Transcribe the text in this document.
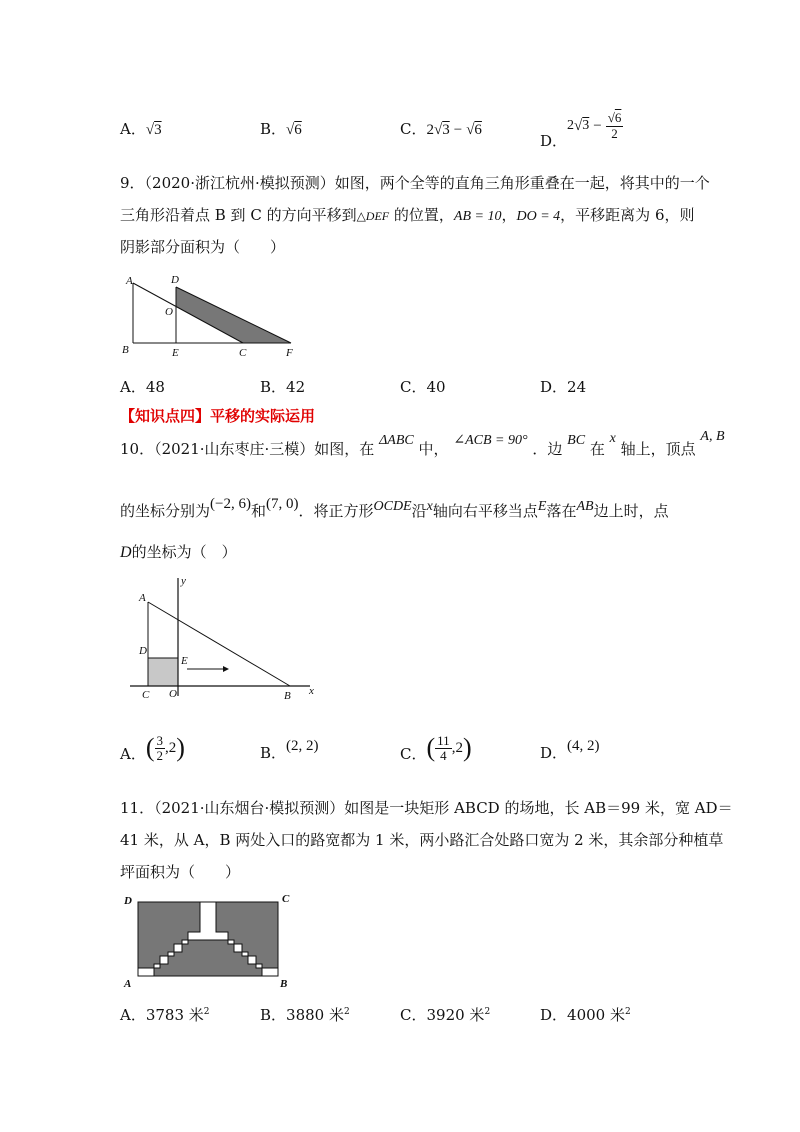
A．√3	B．√6	C．2√3 − √6
D．
2 √ $3 - \frac{√6}{2}$
9．（2020·浙江杭州·模拟预测）如图，两个全等的直角三角形重叠在一起，将其中的一个
三角形沿着点 B 到 C 的方向平移到△DEF 的位置，AB = 10，DO = 4，平移距离为 6，则
阴影部分面积为（　　）
A	D
O
B	E	C	F
A．48	B．42	C．40	D．24
【知识点四】平移的实际运用
10．（2021·山东枣庄·三模）如图，在 ΔABC 中， ∠ACB = 90° ．边 BC 在 x 轴上，顶点 A, B
的坐标分别为(−2, 6)和(7, 0)．将正方形OCDE沿x轴向右平移当点E落在AB边上时，点
D的坐标为（　）
y
A
D
E
C O	B x
A． ( $\frac{3}{2} ,2$ )	B．(2, 2)	C． ( $\frac{11}{4} ,2$ )	D．(4, 2)
11．（2021·山东烟台·模拟预测）如图是一块矩形 ABCD 的场地，长 AB＝99 米，宽 AD＝
41 米，从 A，B 两处入口的路宽都为 1 米，两小路汇合处路口宽为 2 米，其余部分种植草
坪面积为（　　）
D	C
A	B
A．3783 米$^2$	B．3880 米$^2$	C．3920 米$^2$	D．4000 米$^2$
